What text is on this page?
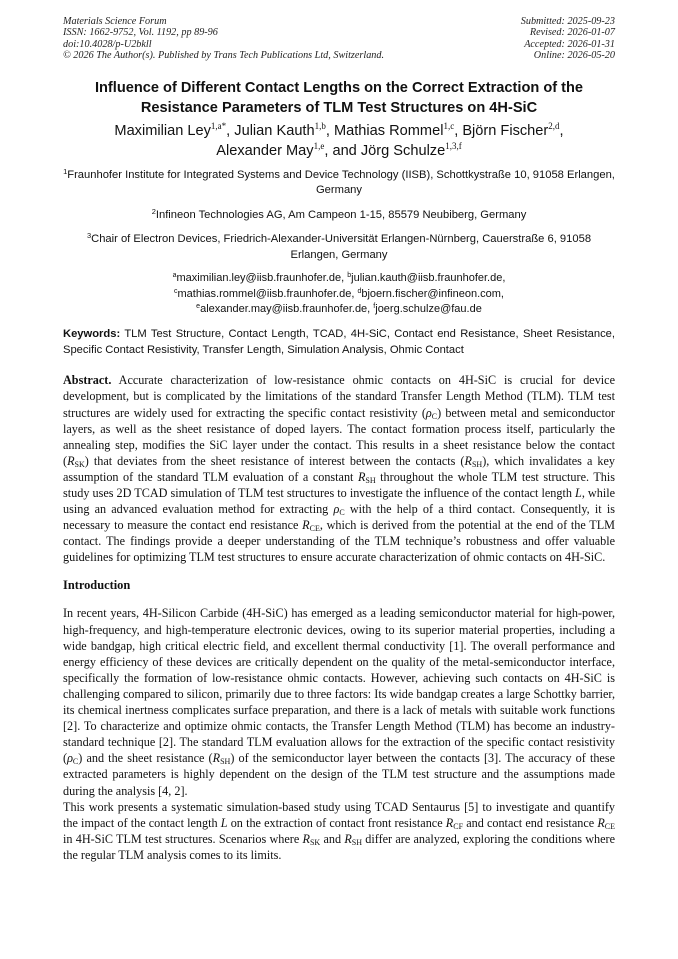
Materials Science Forum
ISSN: 1662-9752, Vol. 1192, pp 89-96
doi:10.4028/p-U2bkll
© 2026 The Author(s). Published by Trans Tech Publications Ltd, Switzerland.
Submitted: 2025-09-23
Revised: 2026-01-07
Accepted: 2026-01-31
Online: 2026-05-20
Influence of Different Contact Lengths on the Correct Extraction of the Resistance Parameters of TLM Test Structures on 4H-SiC
Maximilian Ley$^{1,a*}$, Julian Kauth$^{1,b}$, Mathias Rommel$^{1,c}$, Björn Fischer$^{2,d}$,
Alexander May$^{1,e}$, and Jörg Schulze$^{1,3,f}$
$^1$Fraunhofer Institute for Integrated Systems and Device Technology (IISB), Schottkystraße 10, 91058 Erlangen, Germany
$^2$Infineon Technologies AG, Am Campeon 1-15, 85579 Neubiberg, Germany
$^3$Chair of Electron Devices, Friedrich-Alexander-Universität Erlangen-Nürnberg, Cauerstraße 6, 91058 Erlangen, Germany
$^a$maximilian.ley@iisb.fraunhofer.de, $^b$julian.kauth@iisb.fraunhofer.de,
$^c$mathias.rommel@iisb.fraunhofer.de, $^d$bjoern.fischer@infineon.com,
$^e$alexander.may@iisb.fraunhofer.de, $^f$joerg.schulze@fau.de
Keywords: TLM Test Structure, Contact Length, TCAD, 4H-SiC, Contact end Resistance, Sheet Resistance, Specific Contact Resistivity, Transfer Length, Simulation Analysis, Ohmic Contact
Abstract. Accurate characterization of low-resistance ohmic contacts on 4H-SiC is crucial for device development, but is complicated by the limitations of the standard Transfer Length Method (TLM). TLM test structures are widely used for extracting the specific contact resistivity $(\rho_C)$ between metal and semiconductor layers, as well as the sheet resistance of doped layers. The contact formation process itself, particularly the annealing step, modifies the SiC layer under the contact. This results in a sheet resistance below the contact $(R_{SK})$ that deviates from the sheet resistance of interest between the contacts $(R_{SH})$, which invalidates a key assumption of the standard TLM evaluation of a constant $R_{SH}$ throughout the whole TLM test structure. This study uses 2D TCAD simulation of TLM test structures to investigate the influence of the contact length L, while using an advanced evaluation method for extracting $\rho_C$ with the help of a third contact. Consequently, it is necessary to measure the contact end resistance $R_{CE}$, which is derived from the potential at the end of the TLM contact. The findings provide a deeper understanding of the TLM technique’s robustness and offer valuable guidelines for optimizing TLM test structures to ensure accurate characterization of ohmic contacts on 4H-SiC.
Introduction
In recent years, 4H-Silicon Carbide (4H-SiC) has emerged as a leading semiconductor material for high-power, high-frequency, and high-temperature electronic devices, owing to its superior material properties, including a wide bandgap, high critical electric field, and excellent thermal conductivity [1]. The overall performance and energy efficiency of these devices are critically dependent on the quality of the metal-semiconductor interface, specifically the formation of low-resistance ohmic contacts. However, achieving such contacts on 4H-SiC is challenging compared to silicon, primarily due to three factors: Its wide bandgap creates a large Schottky barrier, its chemical inertness complicates surface preparation, and there is a lack of metals with suitable work functions [2]. To characterize and optimize ohmic contacts, the Transfer Length Method (TLM) has become an industry-standard technique [2]. The standard TLM evaluation allows for the extraction of the specific contact resistivity $(\rho_C)$ and the sheet resistance $(R_{SH})$ of the semiconductor layer between the contacts [3]. The accuracy of these extracted parameters is highly dependent on the design of the TLM test structure and the assumptions made during the analysis [4, 2].
This work presents a systematic simulation-based study using TCAD Sentaurus [5] to investigate and quantify the impact of the contact length L on the extraction of contact front resistance $R_{CF}$ and contact end resistance $R_{CE}$ in 4H-SiC TLM test structures. Scenarios where $R_{SK}$ and $R_{SH}$ differ are analyzed, exploring the conditions where the regular TLM analysis comes to its limits.
